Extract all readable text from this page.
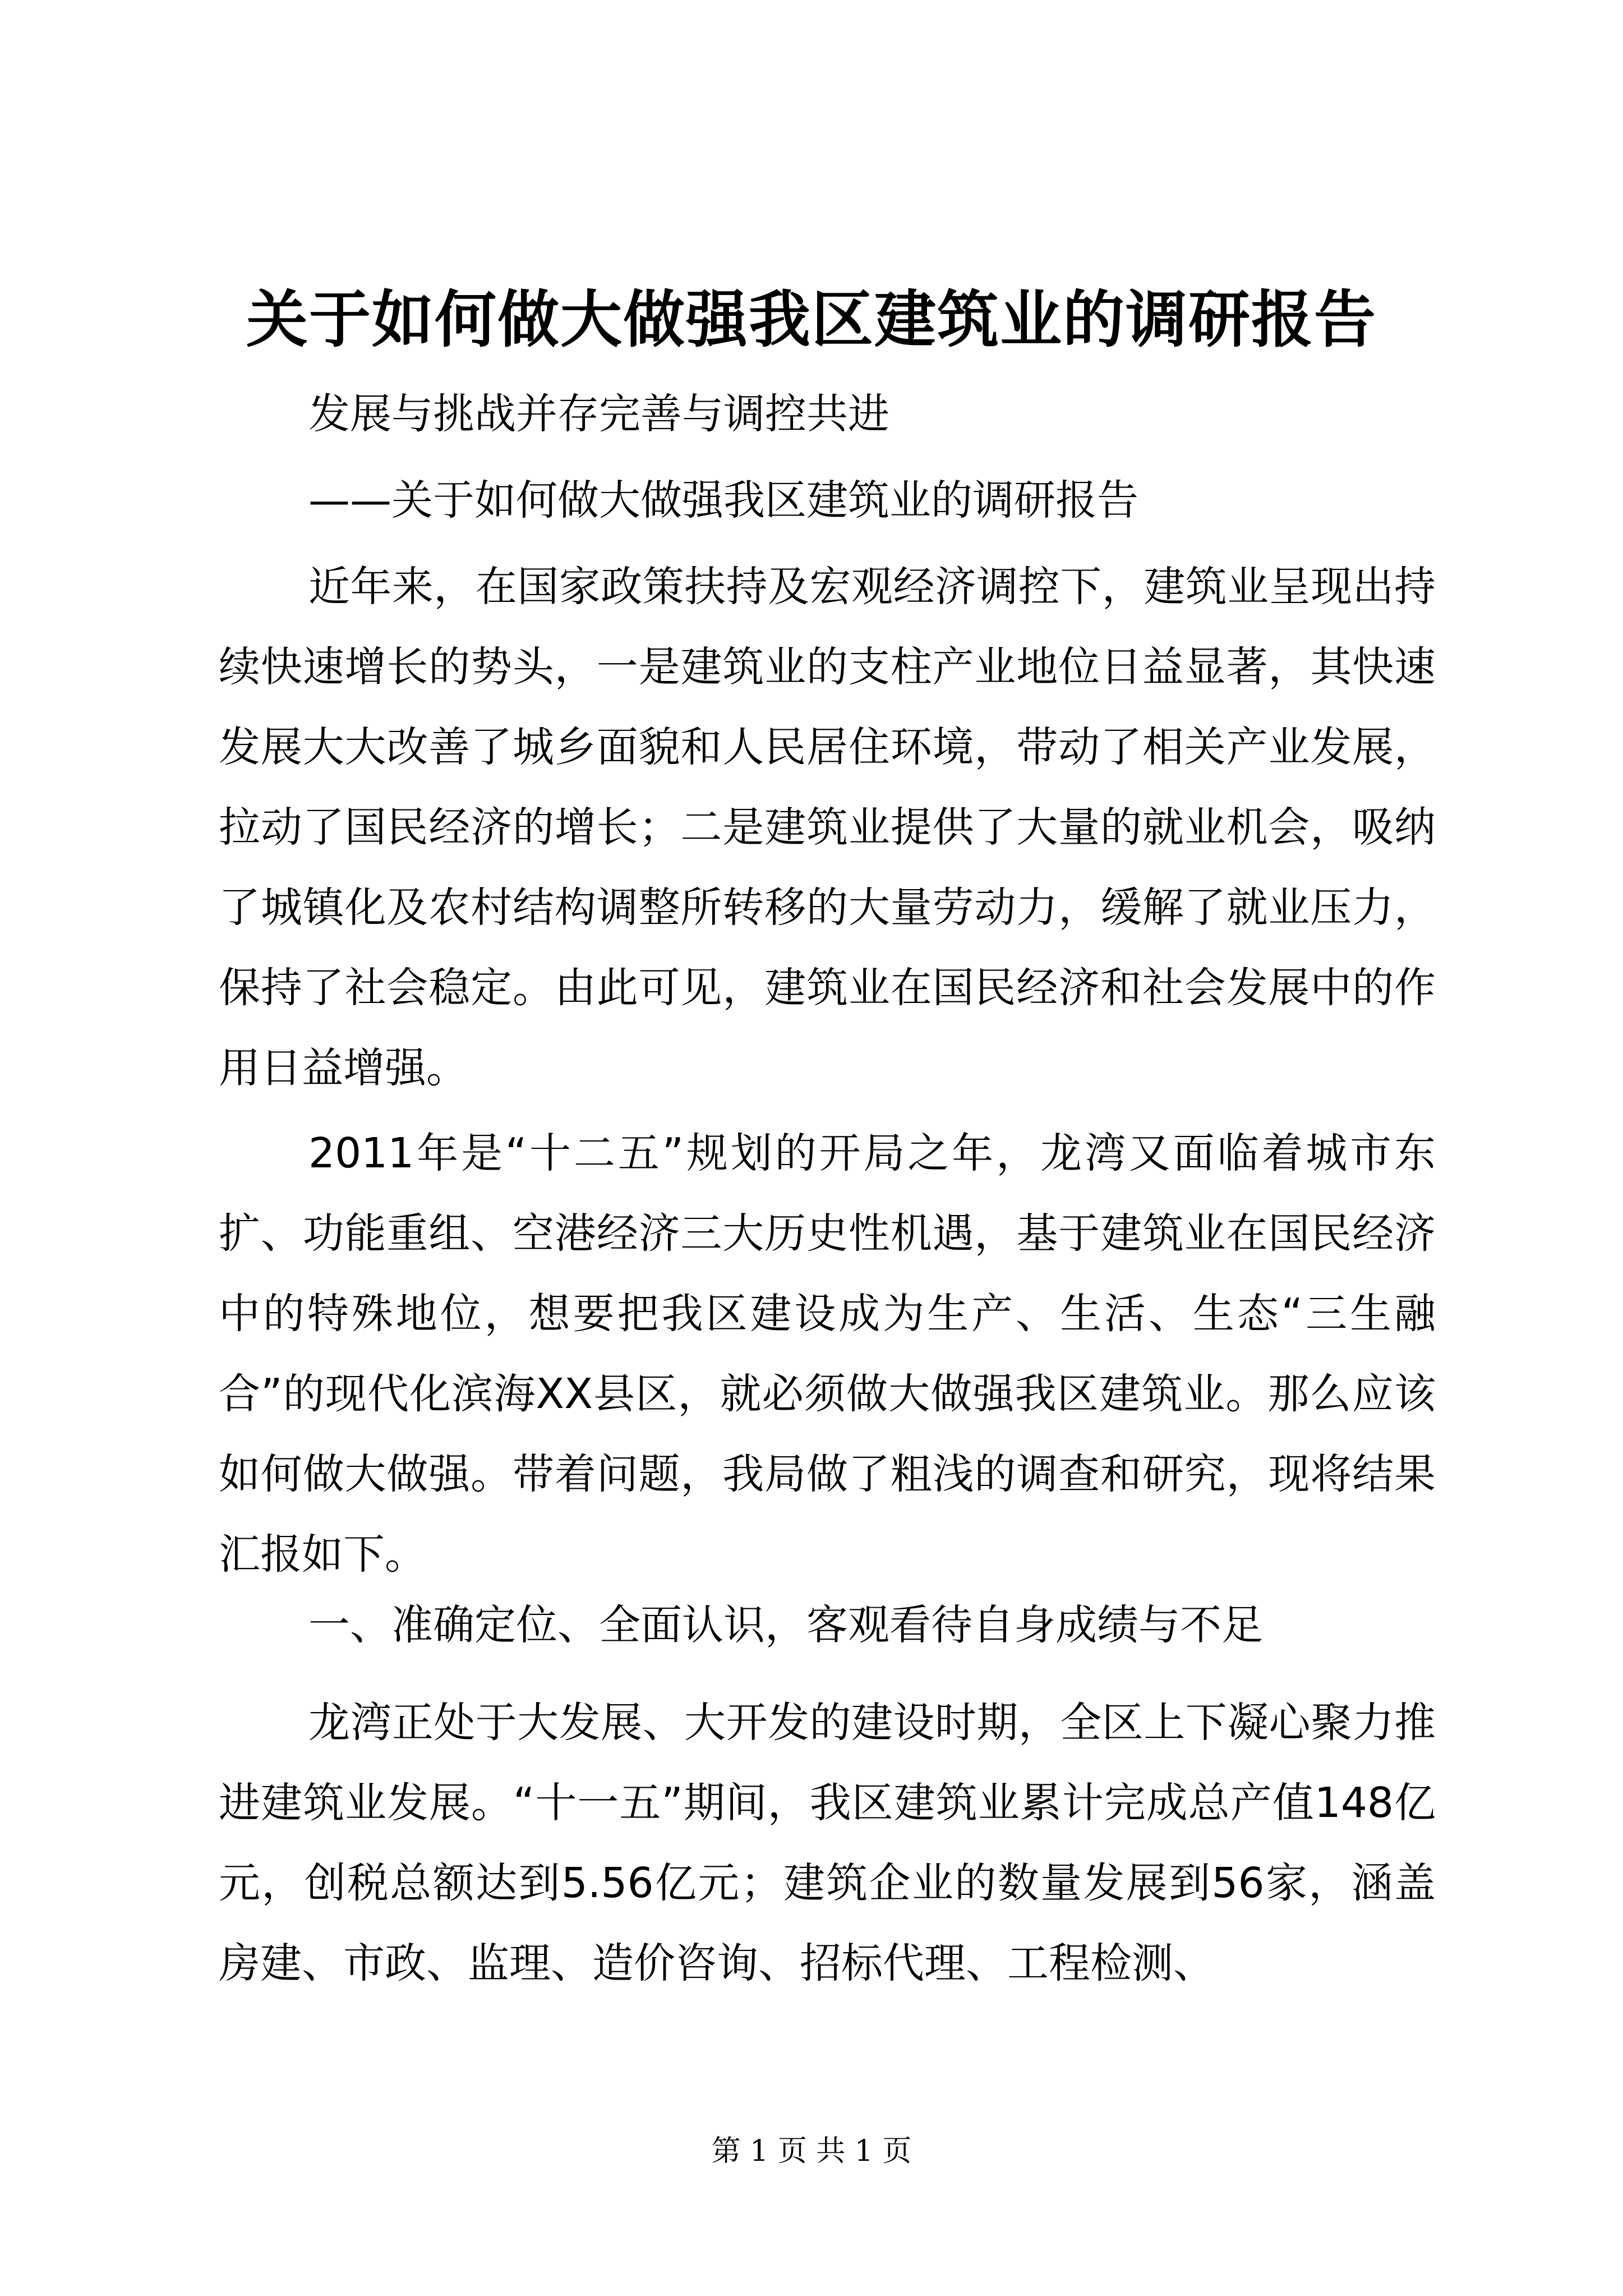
关于如何做大做强我区建筑业的调研报告
发展与挑战并存完善与调控共进
——关于如何做大做强我区建筑业的调研报告

近年来，在国家政策扶持及宏观经济调控下，建筑业呈现出持续快速增长的势头，一是建筑业的支柱产业地位日益显著，其快速发展大大改善了城乡面貌和人民居住环境，带动了相关产业发展，拉动了国民经济的增长；二是建筑业提供了大量的就业机会，吸纳了城镇化及农村结构调整所转移的大量劳动力，缓解了就业压力，保持了社会稳定。由此可见，建筑业在国民经济和社会发展中的作用日益增强。

2011年是“十二五”规划的开局之年，龙湾又面临着城市东扩、功能重组、空港经济三大历史性机遇，基于建筑业在国民经济中的特殊地位，想要把我区建设成为生产、生活、生态“三生融合”的现代化滨海XX县区，就必须做大做强我区建筑业。那么应该如何做大做强。带着问题，我局做了粗浅的调查和研究，现将结果汇报如下。

一、准确定位、全面认识，客观看待自身成绩与不足

龙湾正处于大发展、大开发的建设时期，全区上下凝心聚力推进建筑业发展。“十一五”期间，我区建筑业累计完成总产值148亿元，创税总额达到5.56亿元；建筑企业的数量发展到56家，涵盖房建、市政、监理、造价咨询、招标代理、工程检测、

第 1 页 共 1 页
